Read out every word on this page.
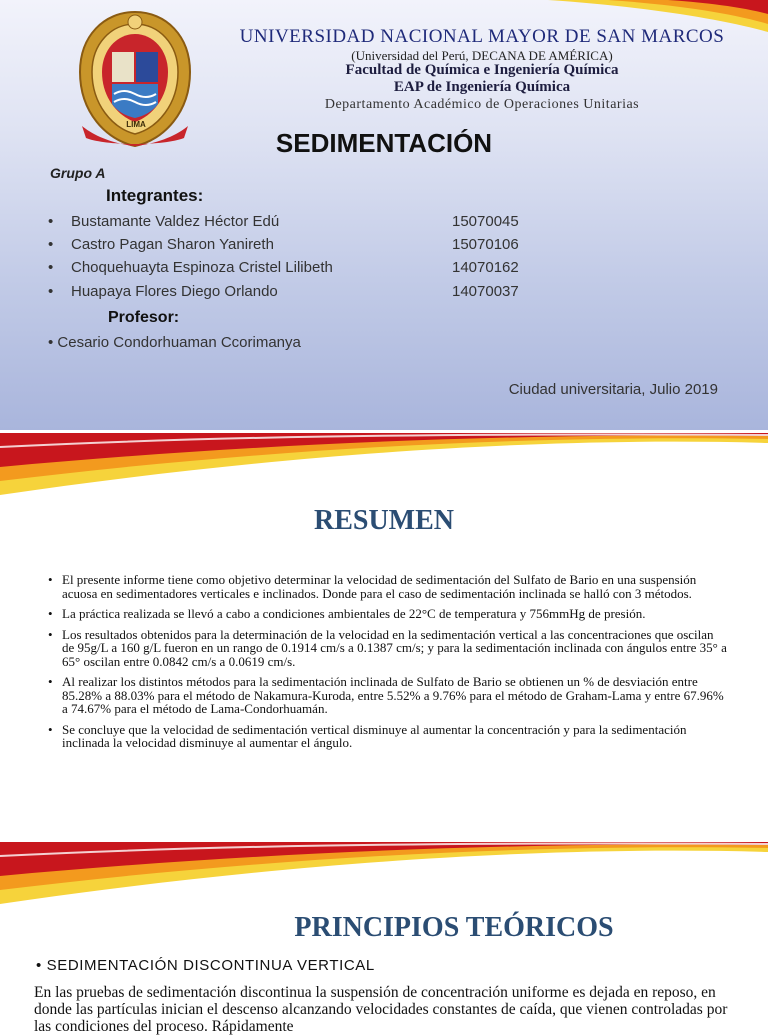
LIMA
UNIVERSIDAD NACIONAL MAYOR DE SAN MARCOS
(Universidad del Perú, DECANA DE AMÉRICA)
Facultad de Química e Ingeniería Química
EAP de Ingeniería Química
Departamento Académico de Operaciones Unitarias
SEDIMENTACIÓN
Grupo A
Integrantes:
• Bustamante Valdez Héctor Edú	15070045
• Castro Pagan Sharon Yanireth	15070106
• Choquehuayta Espinoza Cristel Lilibeth	14070162
• Huapaya Flores Diego Orlando	14070037
Profesor:
• Cesario Condorhuaman Ccorimanya
Ciudad universitaria, Julio 2019
RESUMEN
• El presente informe tiene como objetivo determinar la velocidad de sedimentación del Sulfato de Bario en una suspensión acuosa en sedimentadores verticales e inclinados. Donde para el caso de sedimentación inclinada se halló con 3 métodos.
• La práctica realizada se llevó a cabo a condiciones ambientales de 22°C de temperatura y 756mmHg de presión.
• Los resultados obtenidos para la determinación de la velocidad en la sedimentación vertical a las concentraciones que oscilan de 95g/L a 160 g/L fueron en un rango de 0.1914 cm/s a 0.1387 cm/s; y para la sedimentación inclinada con ángulos entre 35° a 65° oscilan entre 0.0842 cm/s a 0.0619 cm/s.
• Al realizar los distintos métodos para la sedimentación inclinada de Sulfato de Bario se obtienen un % de desviación entre 85.28% a 88.03% para el método de Nakamura-Kuroda, entre 5.52% a 9.76% para el método de Graham-Lama y entre 67.96% a 74.67% para el método de Lama-Condorhuamán.
• Se concluye que la velocidad de sedimentación vertical disminuye al aumentar la concentración y para la sedimentación inclinada la velocidad disminuye al aumentar el ángulo.
PRINCIPIOS TEÓRICOS
• SEDIMENTACIÓN DISCONTINUA VERTICAL
En las pruebas de sedimentación discontinua la suspensión de concentración uniforme es dejada en reposo, en donde las partículas inician el descenso alcanzando velocidades constantes de caída, que vienen controladas por las condiciones del proceso. Rápidamente
